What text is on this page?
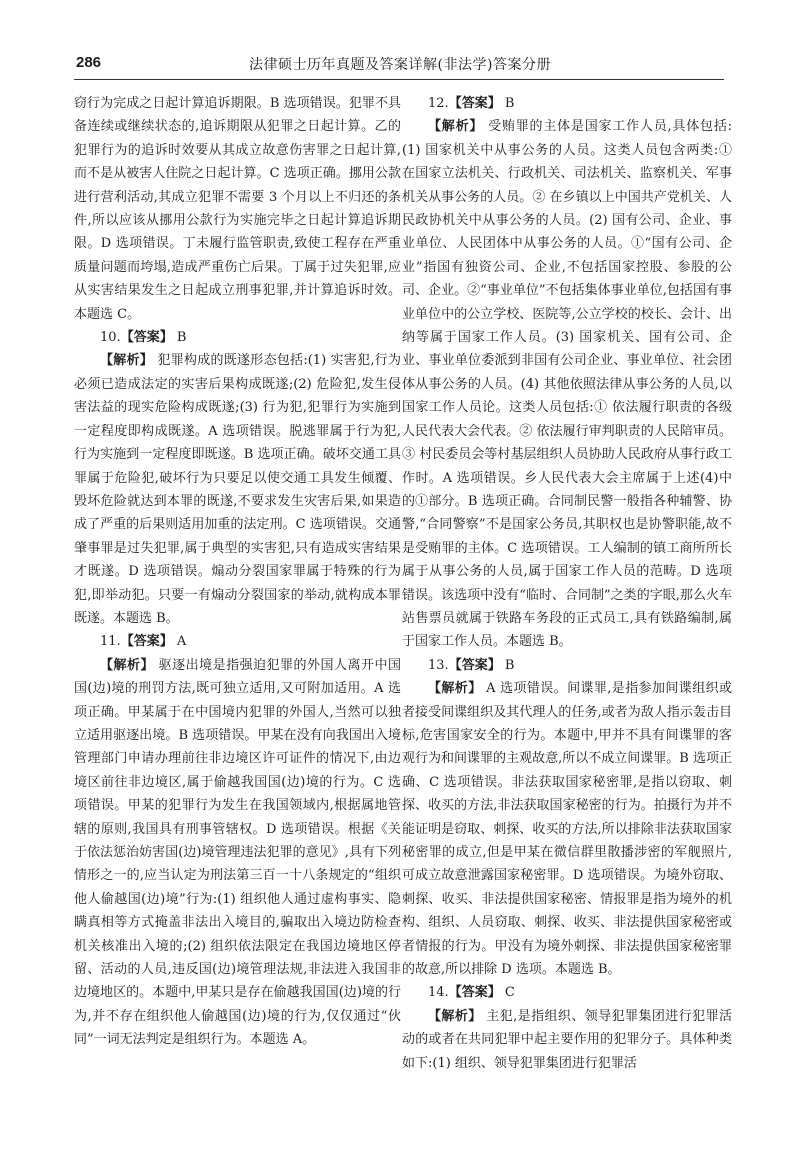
286	法律硕士历年真题及答案详解(非法学)答案分册

窃行为完成之日起计算追诉期限。B 选项错误。犯罪不具备连续或继续状态的,追诉期限从犯罪之日起计算。乙的犯罪行为的追诉时效要从其成立故意伤害罪之日起计算,而不是从被害人住院之日起计算。C 选项正确。挪用公款进行营利活动,其成立犯罪不需要 3 个月以上不归还的条件,所以应该从挪用公款行为实施完毕之日起计算追诉期限。D 选项错误。丁未履行监管职责,致使工程存在严重质量问题而垮塌,造成严重伤亡后果。丁属于过失犯罪,应从实害结果发生之日起成立刑事犯罪,并计算追诉时效。本题选 C。

10.【答案】 B

【解析】 犯罪构成的既遂形态包括:(1) 实害犯,行为必须已造成法定的实害后果构成既遂;(2) 危险犯,发生侵害法益的现实危险构成既遂;(3) 行为犯,犯罪行为实施到一定程度即构成既遂。A 选项错误。脱逃罪属于行为犯,行为实施到一定程度即既遂。B 选项正确。破坏交通工具罪属于危险犯,破坏行为只要足以使交通工具发生倾覆、毁坏危险就达到本罪的既遂,不要求发生灾害后果,如果造成了严重的后果则适用加重的法定刑。C 选项错误。交通肇事罪是过失犯罪,属于典型的实害犯,只有造成实害结果才既遂。D 选项错误。煽动分裂国家罪属于特殊的行为犯,即举动犯。只要一有煽动分裂国家的举动,就构成本罪既遂。本题选 B。

11.【答案】 A

【解析】 驱逐出境是指强迫犯罪的外国人离开中国国(边)境的刑罚方法,既可独立适用,又可附加适用。A 选项正确。甲某属于在中国境内犯罪的外国人,当然可以独立适用驱逐出境。B 选项错误。甲某在没有向我国出入境管理部门申请办理前往非边境区许可证件的情况下,由边境区前往非边境区,属于偷越我国国(边)境的行为。C 选项错误。甲某的犯罪行为发生在我国领域内,根据属地管辖的原则,我国具有刑事管辖权。D 选项错误。根据《关于依法惩治妨害国(边)境管理违法犯罪的意见》,具有下列情形之一的,应当认定为刑法第三百一十八条规定的“组织他人偷越国(边)境”行为:(1) 组织他人通过虚构事实、隐瞒真相等方式掩盖非法出入境目的,骗取出入境边防检查机关核准出入境的;(2) 组织依法限定在我国边境地区停留、活动的人员,违反国(边)境管理法规,非法进入我国非边境地区的。本题中,甲某只是存在偷越我国国(边)境的行为,并不存在组织他人偷越国(边)境的行为,仅仅通过“伙同”一词无法判定是组织行为。本题选 A。

12.【答案】 B

【解析】 受贿罪的主体是国家工作人员,具体包括:(1) 国家机关中从事公务的人员。这类人员包含两类:① 在国家立法机关、行政机关、司法机关、监察机关、军事机关从事公务的人员。② 在乡镇以上中国共产党机关、人民政协机关中从事公务的人员。(2) 国有公司、企业、事业单位、人民团体中从事公务的人员。①“国有公司、企业”指国有独资公司、企业,不包括国家控股、参股的公司、企业。②“事业单位”不包括集体事业单位,包括国有事业单位中的公立学校、医院等,公立学校的校长、会计、出纳等属于国家工作人员。(3) 国家机关、国有公司、企业、事业单位委派到非国有公司企业、事业单位、社会团体从事公务的人员。(4) 其他依照法律从事公务的人员,以国家工作人员论。这类人员包括:① 依法履行职责的各级人民代表大会代表。② 依法履行审判职责的人民陪审员。③ 村民委员会等村基层组织人员协助人民政府从事行政工作时。A 选项错误。乡人民代表大会主席属于上述(4)中的①部分。B 选项正确。合同制民警一般指各种辅警、协警,“合同警察”不是国家公务员,其职权也是协警职能,故不是受贿罪的主体。C 选项错误。工人编制的镇工商所所长属于从事公务的人员,属于国家工作人员的范畴。D 选项错误。该选项中没有“临时、合同制”之类的字眼,那么火车站售票员就属于铁路车务段的正式员工,具有铁路编制,属于国家工作人员。本题选 B。

13.【答案】 B

【解析】 A 选项错误。间谍罪,是指参加间谍组织或者接受间谍组织及其代理人的任务,或者为敌人指示轰击目标,危害国家安全的行为。本题中,甲并不具有间谍罪的客观行为和间谍罪的主观故意,所以不成立间谍罪。B 选项正确、C 选项错误。非法获取国家秘密罪,是指以窃取、刺探、收买的方法,非法获取国家秘密的行为。拍摄行为并不能证明是窃取、刺探、收买的方法,所以排除非法获取国家秘密罪的成立,但是甲某在微信群里散播涉密的军舰照片,可成立故意泄露国家秘密罪。D 选项错误。为境外窃取、刺探、收买、非法提供国家秘密、情报罪是指为境外的机构、组织、人员窃取、刺探、收买、非法提供国家秘密或者情报的行为。甲没有为境外刺探、非法提供国家秘密罪的故意,所以排除 D 选项。本题选 B。

14.【答案】 C

【解析】 主犯,是指组织、领导犯罪集团进行犯罪活动的或者在共同犯罪中起主要作用的犯罪分子。具体种类如下:(1) 组织、领导犯罪集团进行犯罪活
